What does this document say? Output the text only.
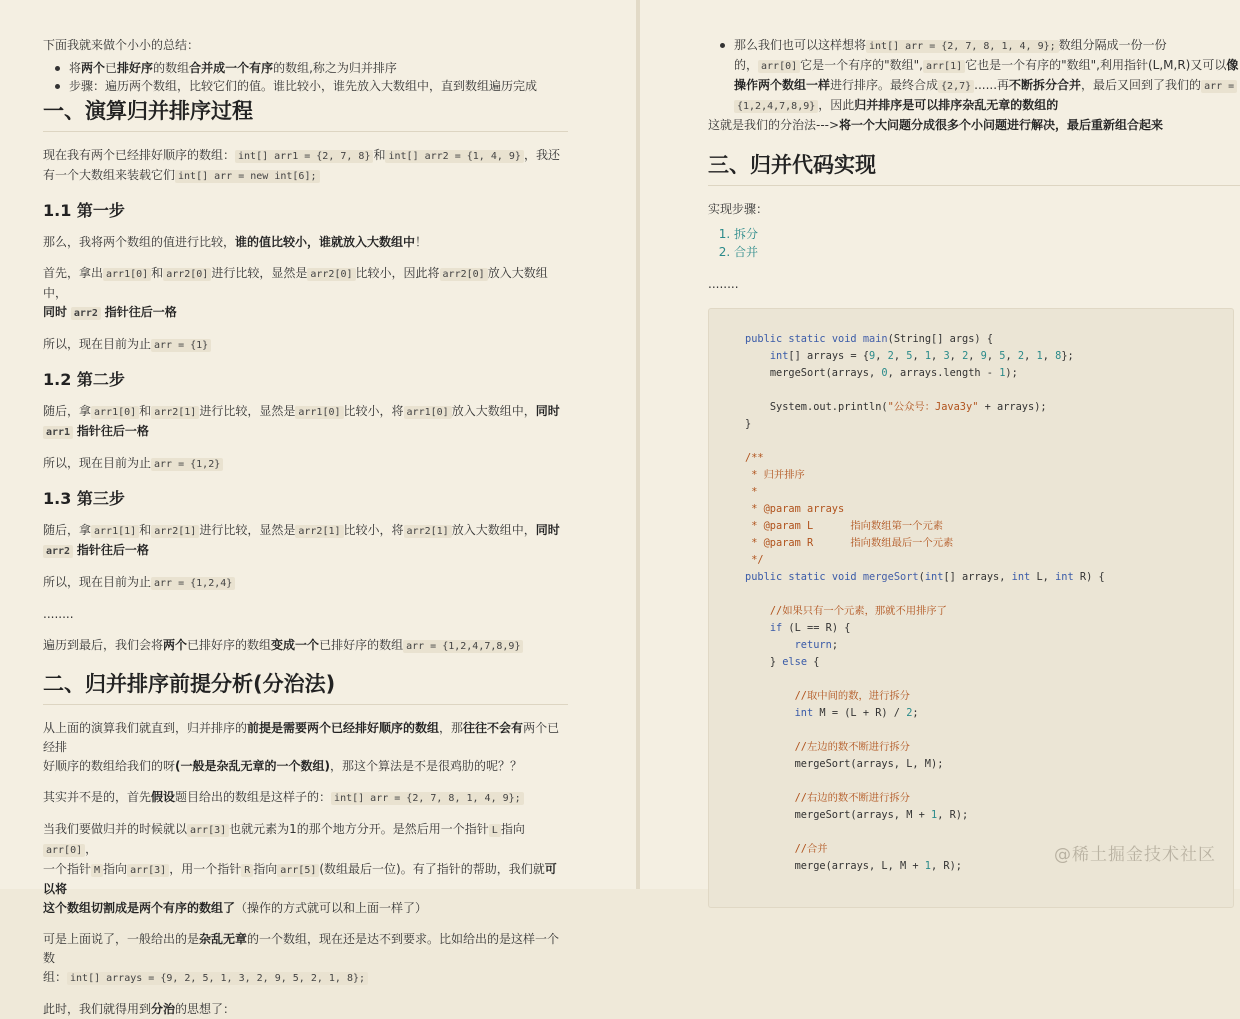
下面我就来做个小小的总结：

将两个已排好序的数组合并成一个有序的数组,称之为归并排序
步骤：遍历两个数组，比较它们的值。谁比较小，谁先放入大数组中，直到数组遍历完成
一、演算归并排序过程

现在我有两个已经排好顺序的数组： int[] arr1 = {2, 7, 8} 和 int[] arr2 = {1, 4, 9} ，我还
有一个大数组来装载它们 int[] arr = new int[6];

1.1 第一步

那么，我将两个数组的值进行比较，谁的值比较小，谁就放入大数组中！

首先，拿出 arr1[0] 和 arr2[0] 进行比较，显然是 arr2[0] 比较小，因此将 arr2[0] 放入大数组中，
同时 arr2 指针往后一格

所以，现在目前为止 arr = {1}

1.2 第二步

随后，拿 arr1[0] 和 arr2[1] 进行比较，显然是 arr1[0] 比较小，将 arr1[0] 放入大数组中，同时
arr1 指针往后一格

所以，现在目前为止 arr = {1,2}

1.3 第三步

随后，拿 arr1[1] 和 arr2[1] 进行比较，显然是 arr2[1] 比较小，将 arr2[1] 放入大数组中，同时
arr2 指针往后一格

所以，现在目前为止 arr = {1,2,4}

........

遍历到最后，我们会将两个已排好序的数组变成一个已排好序的数组 arr = {1,2,4,7,8,9}

二、归并排序前提分析(分治法)

从上面的演算我们就直到，归并排序的前提是需要两个已经排好顺序的数组，那往往不会有两个已经排
好顺序的数组给我们的呀(一般是杂乱无章的一个数组)，那这个算法是不是很鸡肋的呢？？

其实并不是的，首先假设题目给出的数组是这样子的： int[] arr = {2, 7, 8, 1, 4, 9};

当我们要做归并的时候就以 arr[3] 也就元素为1的那个地方分开。是然后用一个指针 L 指向arr[0] ，
一个指针 M 指向 arr[3] ，用一个指针 R 指向 arr[5] (数组最后一位)。有了指针的帮助，我们就可以将
这个数组切割成是两个有序的数组了（操作的方式就可以和上面一样了）

可是上面说了，一般给出的是杂乱无章的一个数组，现在还是达不到要求。比如给出的是这样一个数
组： int[] arrays = {9, 2, 5, 1, 3, 2, 9, 5, 2, 1, 8};

此时，我们就得用到分治的思想了：

那么我们也可以这样想将 int[] arr = {2, 7, 8, 1, 4, 9}; 数组分隔成一份一份
的， arr[0] 它是一个有序的"数组", arr[1] 它也是一个有序的"数组",利用指针(L,M,R)又可以像
操作两个数组一样进行排序。最终合成 {2,7} ......再不断拆分合并，最后又回到了我们的 arr =
{1,2,4,7,8,9} ，因此归并排序是可以排序杂乱无章的数组的

这就是我们的分治法--->将一个大问题分成很多个小问题进行解决，最后重新组合起来

三、归并代码实现

实现步骤：

1. 拆分
2. 合并

........

public static void main(String[] args) {
int[] arrays = {9, 2, 5, 1, 3, 2, 9, 5, 2, 1, 8};
mergeSort(arrays, 0, arrays.length - 1);
System.out.println("公众号：Java3y" + arrays);
}
/**
* 归并排序
*
* @param arrays
* @param L      指向数组第一个元素
* @param R      指向数组最后一个元素
*/
public static void mergeSort(int[] arrays, int L, int R) {
//如果只有一个元素，那就不用排序了
if (L == R) {
return;
} else {
//取中间的数，进行拆分
int M = (L + R) / 2;
//左边的数不断进行拆分
mergeSort(arrays, L, M);
//右边的数不断进行拆分
mergeSort(arrays, M + 1, R);
//合并
merge(arrays, L, M + 1, R);
@稀土掘金技术社区
